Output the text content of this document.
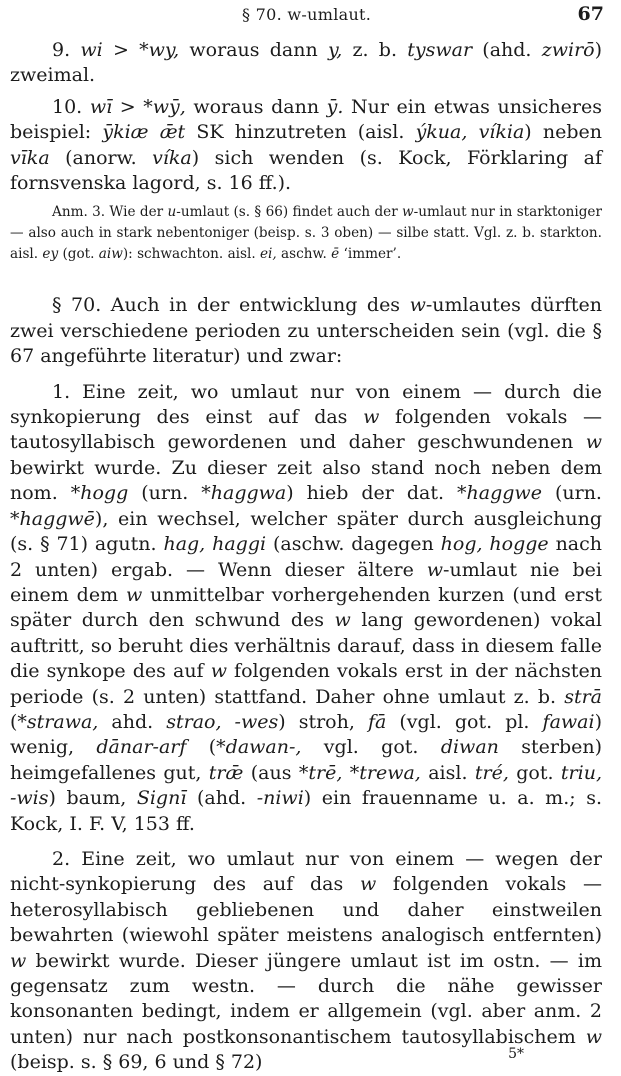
§ 70. w-umlaut.	67

9. wi > *wy, woraus dann y, z. b. tyswar (ahd. zwirō) zweimal.

10. wī > *wȳ, woraus dann ȳ. Nur ein etwas unsicheres beispiel: ȳkiæ ǣt SK hinzutreten (aisl. ýkua, víkia) neben vīka (anorw. víka) sich wenden (s. Kock, Förklaring af fornsvenska lagord, s. 16 ff.).

Anm. 3. Wie der u-umlaut (s. § 66) findet auch der w-umlaut nur in starktoniger — also auch in stark nebentoniger (beisp. s. 3 oben) — silbe statt. Vgl. z. b. starkton. aisl. ey (got. aiw): schwachton. aisl. ei, aschw. ē ‘immer’.

§ 70. Auch in der entwicklung des w-umlautes dürften zwei verschiedene perioden zu unterscheiden sein (vgl. die § 67 angeführte literatur) und zwar:

1. Eine zeit, wo umlaut nur von einem — durch die synkopierung des einst auf das w folgenden vokals — tautosyllabisch gewordenen und daher geschwundenen w bewirkt wurde. Zu dieser zeit also stand noch neben dem nom. *hogg (urn. *haggwa) hieb der dat. *haggwe (urn. *haggwē), ein wechsel, welcher später durch ausgleichung (s. § 71) agutn. hag, haggi (aschw. dagegen hog, hogge nach 2 unten) ergab. — Wenn dieser ältere w-umlaut nie bei einem dem w unmittelbar vorhergehenden kurzen (und erst später durch den schwund des w lang gewordenen) vokal auftritt, so beruht dies verhältnis darauf, dass in diesem falle die synkope des auf w folgenden vokals erst in der nächsten periode (s. 2 unten) stattfand. Daher ohne umlaut z. b. strā (*strawa, ahd. strao, -wes) stroh, fā (vgl. got. pl. fawai) wenig, dānar-arf (*dawan-, vgl. got. diwan sterben) heimgefallenes gut, trǣ (aus *trē, *trewa, aisl. tré, got. triu, -wis) baum, Signī (ahd. -niwi) ein frauenname u. a. m.; s. Kock, I. F. V, 153 ff.

2. Eine zeit, wo umlaut nur von einem — wegen der nicht-synkopierung des auf das w folgenden vokals — heterosyllabisch gebliebenen und daher einstweilen bewahrten (wiewohl später meistens analogisch entfernten) w bewirkt wurde. Dieser jüngere umlaut ist im ostn. — im gegensatz zum westn. — durch die nähe gewisser konsonanten bedingt, indem er allgemein (vgl. aber anm. 2 unten) nur nach postkonsonantischem tautosyllabischem w (beisp. s. § 69, 6 und § 72)	5*
